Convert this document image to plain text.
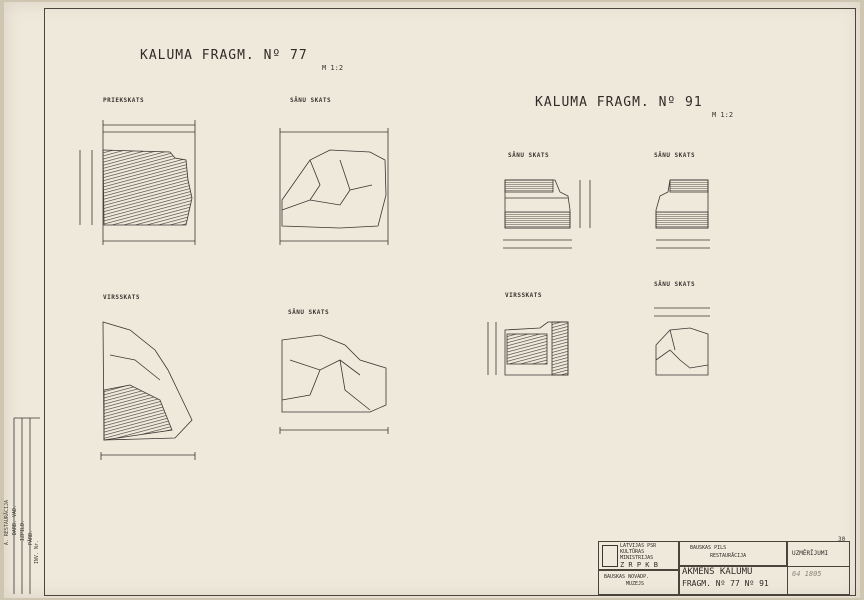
KALUMA FRAGM. Nº 77
M 1:2
KALUMA FRAGM. Nº 91
M 1:2
PRIEKSKATS	SĀNU SKATS
VIRSSKATS
SĀNU SKATS
SĀNU SKATS	SĀNU SKATS
VIRSSKATS
SĀNU SKATS
30
A. RESTAURĀCIJA DARB. VAD. IZPILD. PĀRB.
INV. Nr.	LATVIJAS PSR
KULTŪRAS
MINISTRIJAS
Z R P K B
BAUSKAS NOVADP.
MUZEJS
BAUSKAS PILS
RESTAURĀCIJA	UZMĒRĪJUMI
AKMENS KALUMU
FRAGM. Nº 77 Nº 91
64 1805
